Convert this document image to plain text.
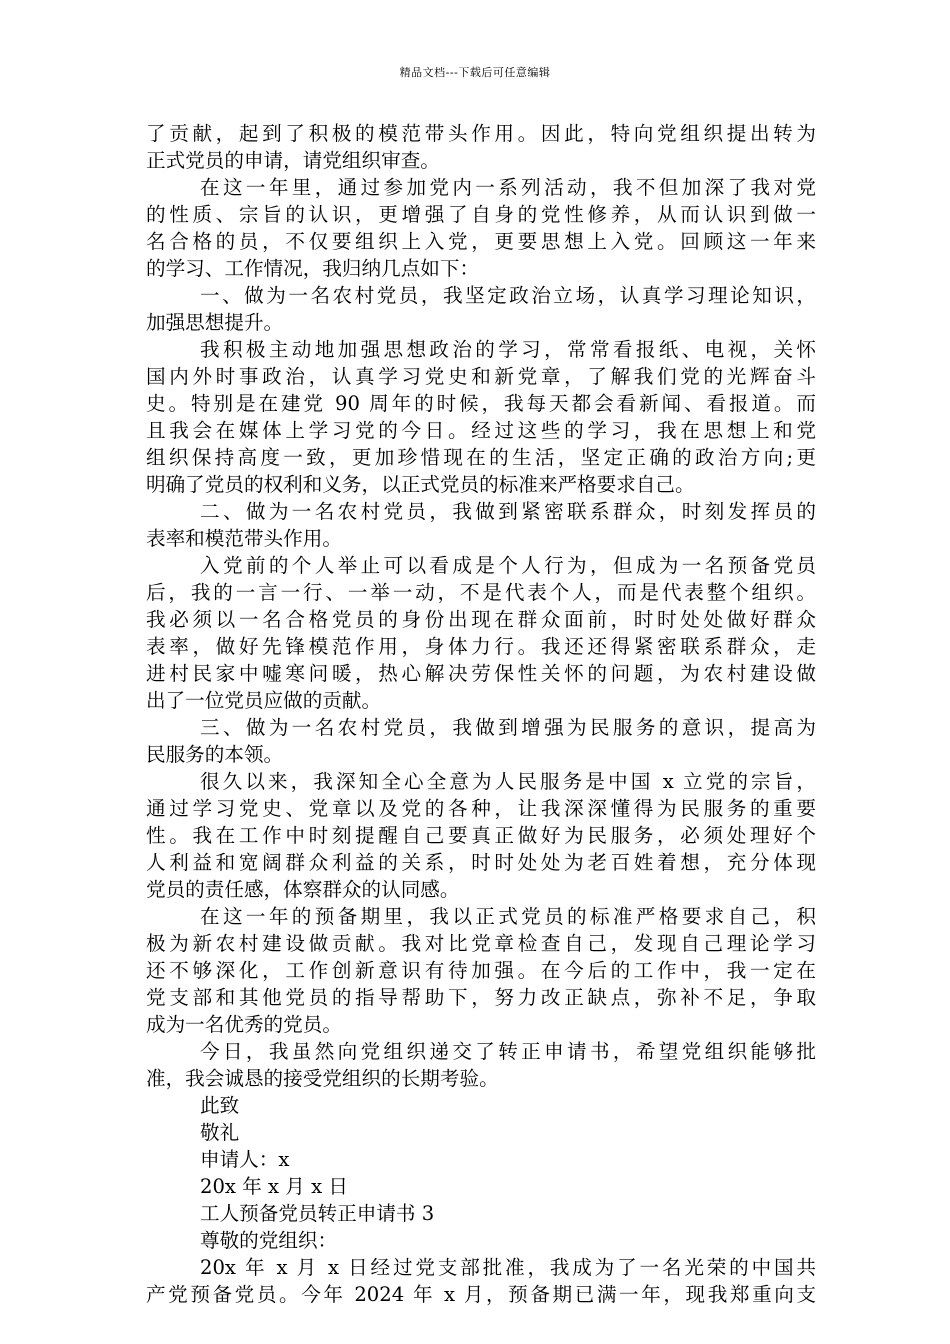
精品文档---下载后可任意编辑
了贡献，起到了积极的模范带头作用。因此，特向党组织提出转为
正式党员的申请，请党组织审查。
在这一年里，通过参加党内一系列活动，我不但加深了我对党
的性质、宗旨的认识，更增强了自身的党性修养，从而认识到做一
名合格的员，不仅要组织上入党，更要思想上入党。回顾这一年来
的学习、工作情况，我归纳几点如下：
一、做为一名农村党员，我坚定政治立场，认真学习理论知识，
加强思想提升。
我积极主动地加强思想政治的学习，常常看报纸、电视，关怀
国内外时事政治，认真学习党史和新党章，了解我们党的光辉奋斗
史。特别是在建党 90 周年的时候，我每天都会看新闻、看报道。而
且我会在媒体上学习党的今日。经过这些的学习，我在思想上和党
组织保持高度一致，更加珍惜现在的生活，坚定正确的政治方向;更
明确了党员的权利和义务，以正式党员的标准来严格要求自己。
二、做为一名农村党员，我做到紧密联系群众，时刻发挥员的
表率和模范带头作用。
入党前的个人举止可以看成是个人行为，但成为一名预备党员
后，我的一言一行、一举一动，不是代表个人，而是代表整个组织。
我必须以一名合格党员的身份出现在群众面前，时时处处做好群众
表率，做好先锋模范作用，身体力行。我还还得紧密联系群众，走
进村民家中嘘寒问暖，热心解决劳保性关怀的问题，为农村建设做
出了一位党员应做的贡献。
三、做为一名农村党员，我做到增强为民服务的意识，提高为
民服务的本领。
很久以来，我深知全心全意为人民服务是中国 x 立党的宗旨，
通过学习党史、党章以及党的各种，让我深深懂得为民服务的重要
性。我在工作中时刻提醒自己要真正做好为民服务，必须处理好个
人利益和宽阔群众利益的关系，时时处处为老百姓着想，充分体现
党员的责任感，体察群众的认同感。
在这一年的预备期里，我以正式党员的标准严格要求自己，积
极为新农村建设做贡献。我对比党章检查自己，发现自己理论学习
还不够深化，工作创新意识有待加强。在今后的工作中，我一定在
党支部和其他党员的指导帮助下，努力改正缺点，弥补不足，争取
成为一名优秀的党员。
今日，我虽然向党组织递交了转正申请书，希望党组织能够批
准，我会诚恳的接受党组织的长期考验。
此致
敬礼
申请人：x
20x 年 x 月 x 日
工人预备党员转正申请书 3
尊敬的党组织：
20x 年 x 月 x 日经过党支部批准，我成为了一名光荣的中国共
产党预备党员。今年 2024 年 x 月，预备期已满一年，现我郑重向支
